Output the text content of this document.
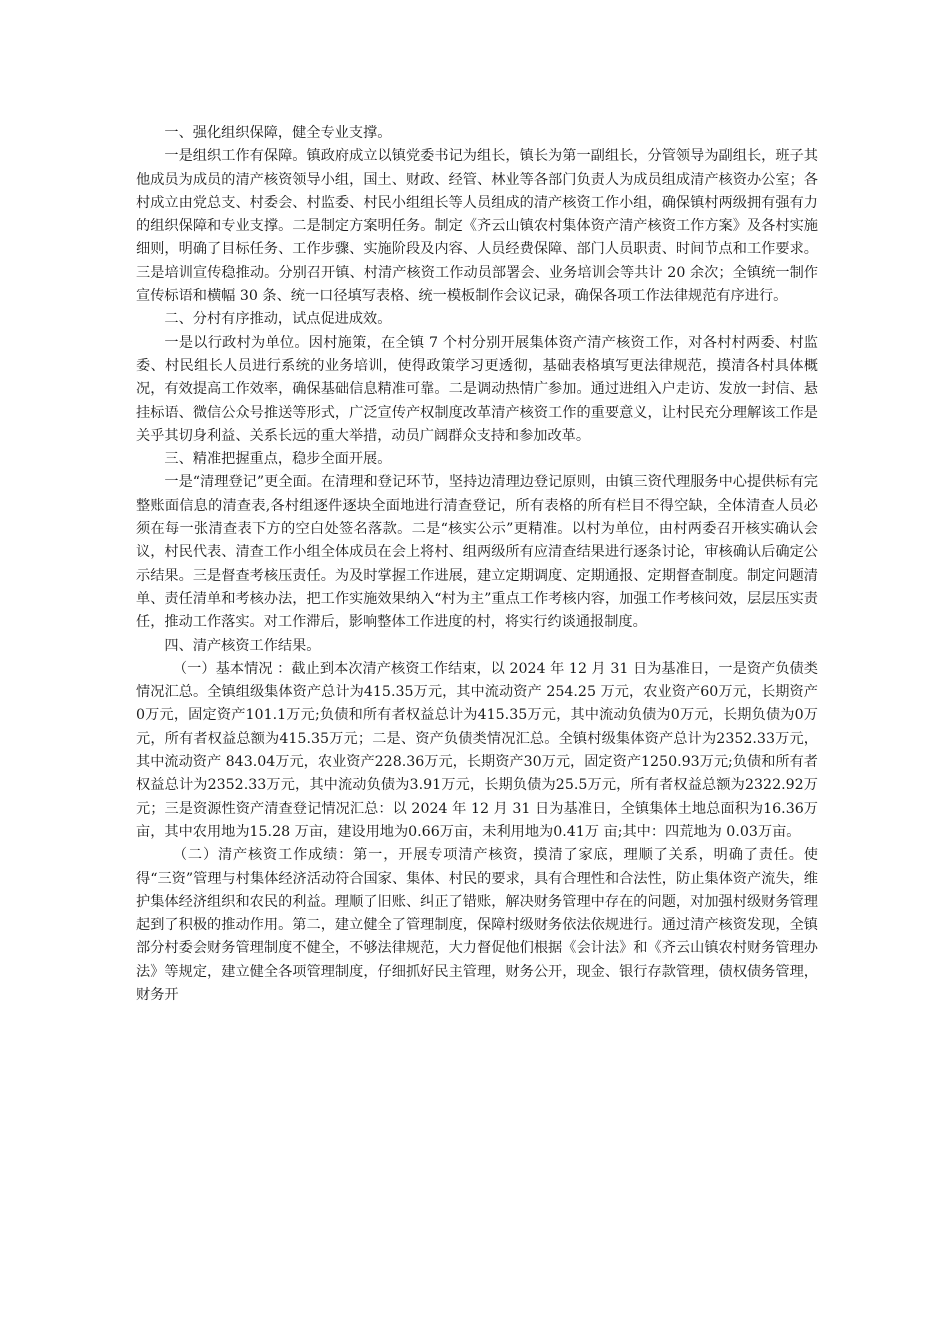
一、强化组织保障，健全专业支撑。

一是组织工作有保障。镇政府成立以镇党委书记为组长，镇长为第一副组长，分管领导为副组长，班子其他成员为成员的清产核资领导小组，国土、财政、经管、林业等各部门负责人为成员组成清产核资办公室；各村成立由党总支、村委会、村监委、村民小组组长等人员组成的清产核资工作小组，确保镇村两级拥有强有力的组织保障和专业支撑。二是制定方案明任务。制定《齐云山镇农村集体资产清产核资工作方案》及各村实施细则，明确了目标任务、工作步骤、实施阶段及内容、人员经费保障、部门人员职责、时间节点和工作要求。三是培训宣传稳推动。分别召开镇、村清产核资工作动员部署会、业务培训会等共计 20 余次；全镇统一制作宣传标语和横幅 30 条、统一口径填写表格、统一模板制作会议记录，确保各项工作法律规范有序进行。

二、分村有序推动，试点促进成效。

一是以行政村为单位。因村施策，在全镇 7 个村分别开展集体资产清产核资工作，对各村村两委、村监委、村民组长人员进行系统的业务培训，使得政策学习更透彻，基础表格填写更法律规范，摸清各村具体概况，有效提高工作效率，确保基础信息精准可靠。二是调动热情广参加。通过进组入户走访、发放一封信、悬挂标语、微信公众号推送等形式，广泛宣传产权制度改革清产核资工作的重要意义，让村民充分理解该工作是关乎其切身利益、关系长远的重大举措，动员广阔群众支持和参加改革。

三、精准把握重点，稳步全面开展。

一是“清理登记”更全面。在清理和登记环节，坚持边清理边登记原则，由镇三资代理服务中心提供标有完整账面信息的清查表,各村组逐件逐块全面地进行清查登记，所有表格的所有栏目不得空缺，全体清查人员必须在每一张清查表下方的空白处签名落款。二是“核实公示”更精准。以村为单位，由村两委召开核实确认会议，村民代表、清查工作小组全体成员在会上将村、组两级所有应清查结果进行逐条讨论，审核确认后确定公示结果。三是督查考核压责任。为及时掌握工作进展，建立定期调度、定期通报、定期督查制度。制定问题清单、责任清单和考核办法，把工作实施效果纳入“村为主”重点工作考核内容，加强工作考核问效，层层压实责任，推动工作落实。对工作滞后，影响整体工作进度的村，将实行约谈通报制度。

四、清产核资工作结果。

（一）基本情况 ：截止到本次清产核资工作结束，以 2024 年 12 月 31 日为基准日，一是资产负债类情况汇总。全镇组级集体资产总计为415.35万元，其中流动资产 254.25 万元，农业资产60万元，长期资产0万元，固定资产101.1万元;负债和所有者权益总计为415.35万元，其中流动负债为0万元，长期负债为0万元，所有者权益总额为415.35万元；二是、资产负债类情况汇总。全镇村级集体资产总计为2352.33万元，其中流动资产 843.04万元，农业资产228.36万元，长期资产30万元，固定资产1250.93万元;负债和所有者权益总计为2352.33万元，其中流动负债为3.91万元，长期负债为25.5万元，所有者权益总额为2322.92万元；三是资源性资产清查登记情况汇总：以 2024 年 12 月 31 日为基准日，全镇集体土地总面积为16.36万亩，其中农用地为15.28 万亩，建设用地为0.66万亩，未利用地为0.41万 亩;其中：四荒地为 0.03万亩。

（二）清产核资工作成绩：第一，开展专项清产核资，摸清了家底，理顺了关系，明确了责任。使得“三资”管理与村集体经济活动符合国家、集体、村民的要求，具有合理性和合法性，防止集体资产流失，维护集体经济组织和农民的利益。理顺了旧账、纠正了错账，解决财务管理中存在的问题，对加强村级财务管理起到了积极的推动作用。第二，建立健全了管理制度，保障村级财务依法依规进行。通过清产核资发现，全镇部分村委会财务管理制度不健全，不够法律规范，大力督促他们根据《会计法》和《齐云山镇农村财务管理办法》等规定，建立健全各项管理制度，仔细抓好民主管理，财务公开，现金、银行存款管理，债权债务管理，财务开
